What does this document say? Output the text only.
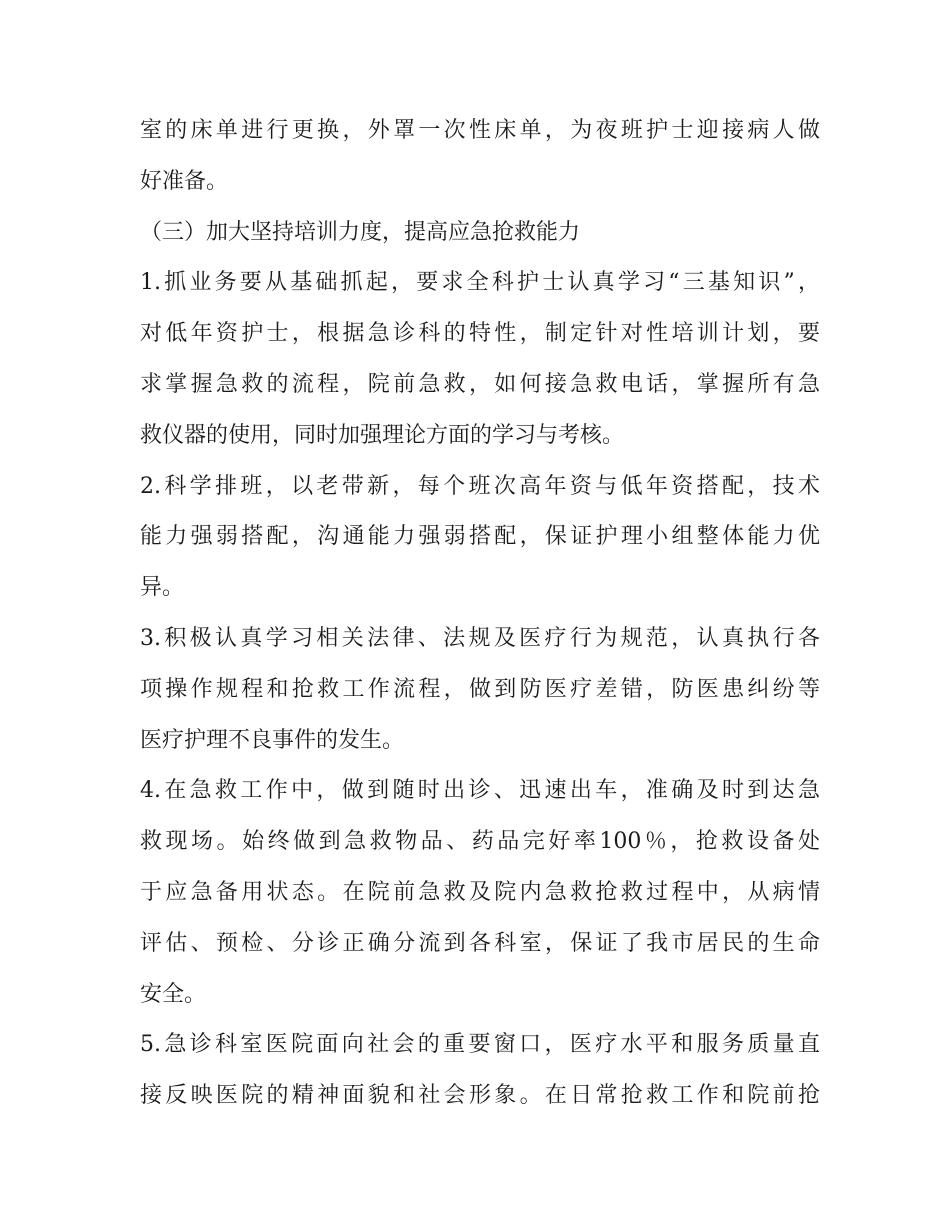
室的床单进行更换，外罩一次性床单，为夜班护士迎接病人做
好准备。
（三）加大坚持培训力度，提高应急抢救能力
1.抓业务要从基础抓起，要求全科护士认真学习“三基知识”，
对低年资护士，根据急诊科的特性，制定针对性培训计划，要
求掌握急救的流程，院前急救，如何接急救电话，掌握所有急
救仪器的使用，同时加强理论方面的学习与考核。
2.科学排班，以老带新，每个班次高年资与低年资搭配，技术
能力强弱搭配，沟通能力强弱搭配，保证护理小组整体能力优
异。
3.积极认真学习相关法律、法规及医疗行为规范，认真执行各
项操作规程和抢救工作流程，做到防医疗差错，防医患纠纷等
医疗护理不良事件的发生。
4.在急救工作中，做到随时出诊、迅速出车，准确及时到达急
救现场。始终做到急救物品、药品完好率100％，抢救设备处
于应急备用状态。在院前急救及院内急救抢救过程中，从病情
评估、预检、分诊正确分流到各科室，保证了我市居民的生命
安全。
5.急诊科室医院面向社会的重要窗口，医疗水平和服务质量直
接反映医院的精神面貌和社会形象。在日常抢救工作和院前抢
